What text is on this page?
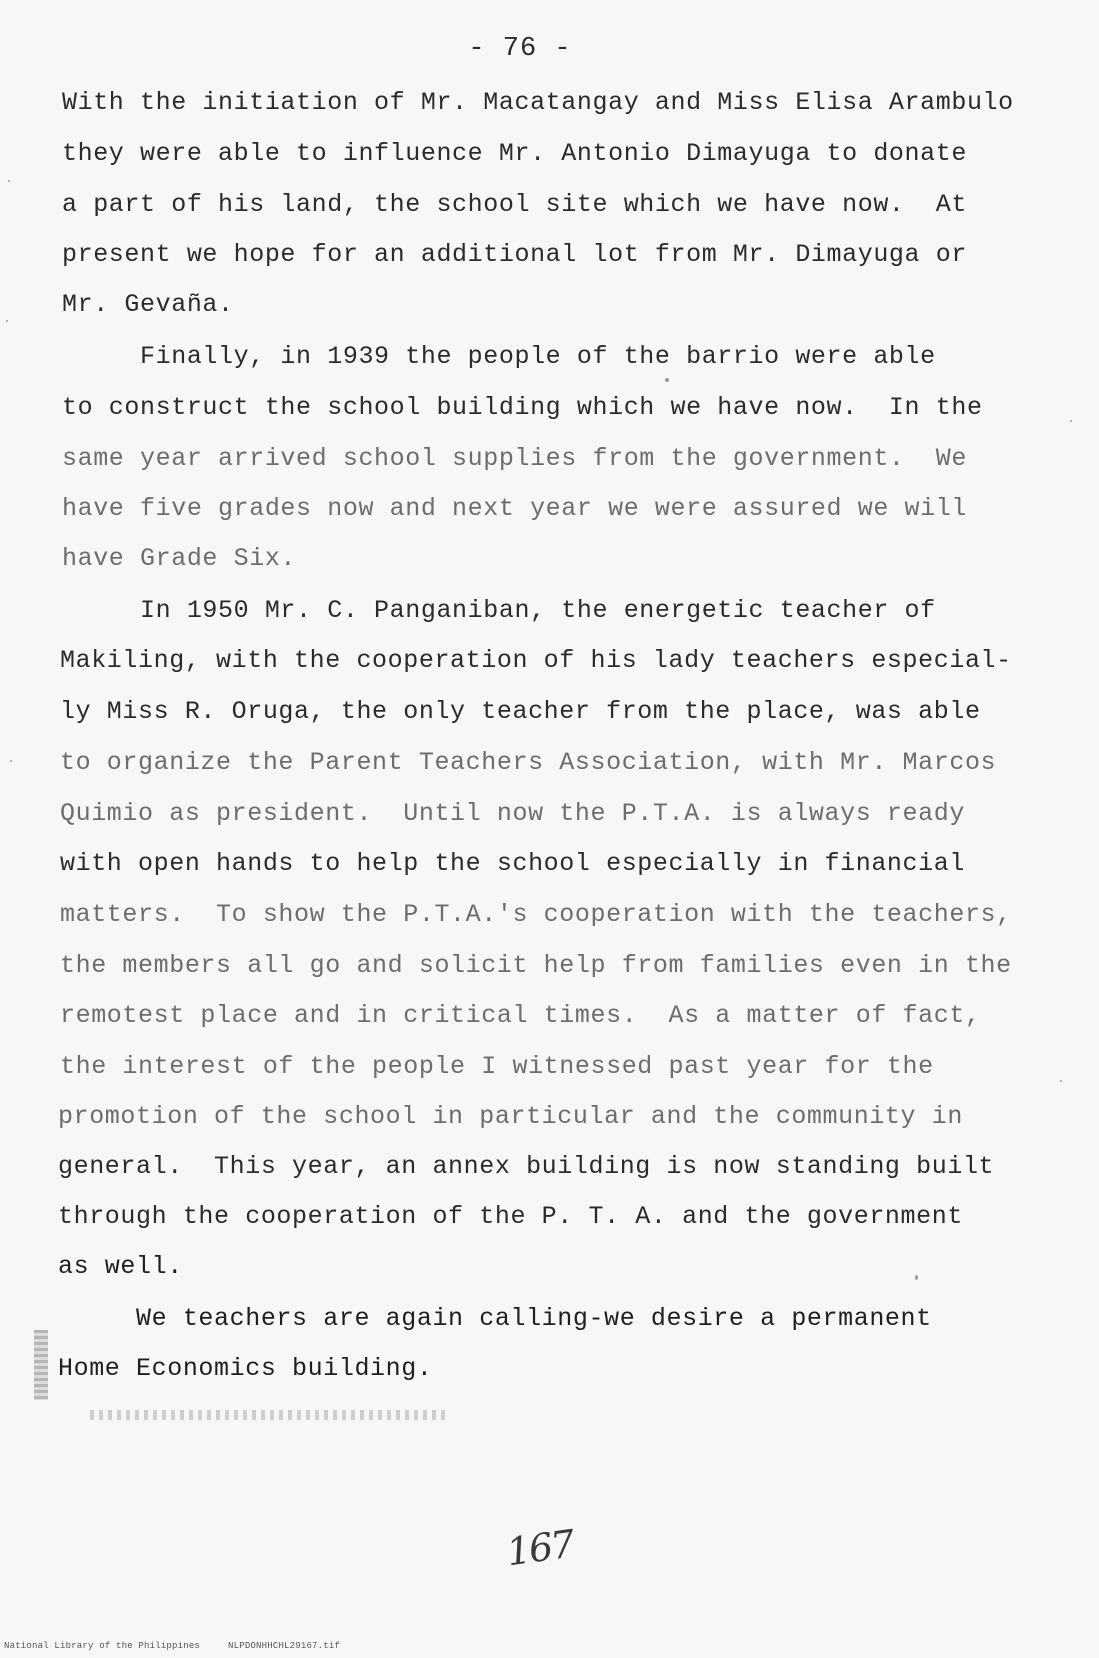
- 76 -
With the initiation of Mr. Macatangay and Miss Elisa Arambulo
they were able to influence Mr. Antonio Dimayuga to donate
a part of his land, the school site which we have now.  At
present we hope for an additional lot from Mr. Dimayuga or
Mr. Gevaña.
Finally, in 1939 the people of the barrio were able
to construct the school building which we have now.  In the
same year arrived school supplies from the government.  We
have five grades now and next year we were assured we will
have Grade Six.
In 1950 Mr. C. Panganiban, the energetic teacher of
Makiling, with the cooperation of his lady teachers especial-
ly Miss R. Oruga, the only teacher from the place, was able
to organize the Parent Teachers Association, with Mr. Marcos
Quimio as president.  Until now the P.T.A. is always ready
with open hands to help the school especially in financial
matters.  To show the P.T.A.'s cooperation with the teachers,
the members all go and solicit help from families even in the
remotest place and in critical times.  As a matter of fact,
the interest of the people I witnessed past year for the
promotion of the school in particular and the community in
general.  This year, an annex building is now standing built
through the cooperation of the P. T. A. and the government
as well.
We teachers are again calling-we desire a permanent
Home Economics building.
167
National Library of the Philippines	NLPDONHHCHL29167.tif
